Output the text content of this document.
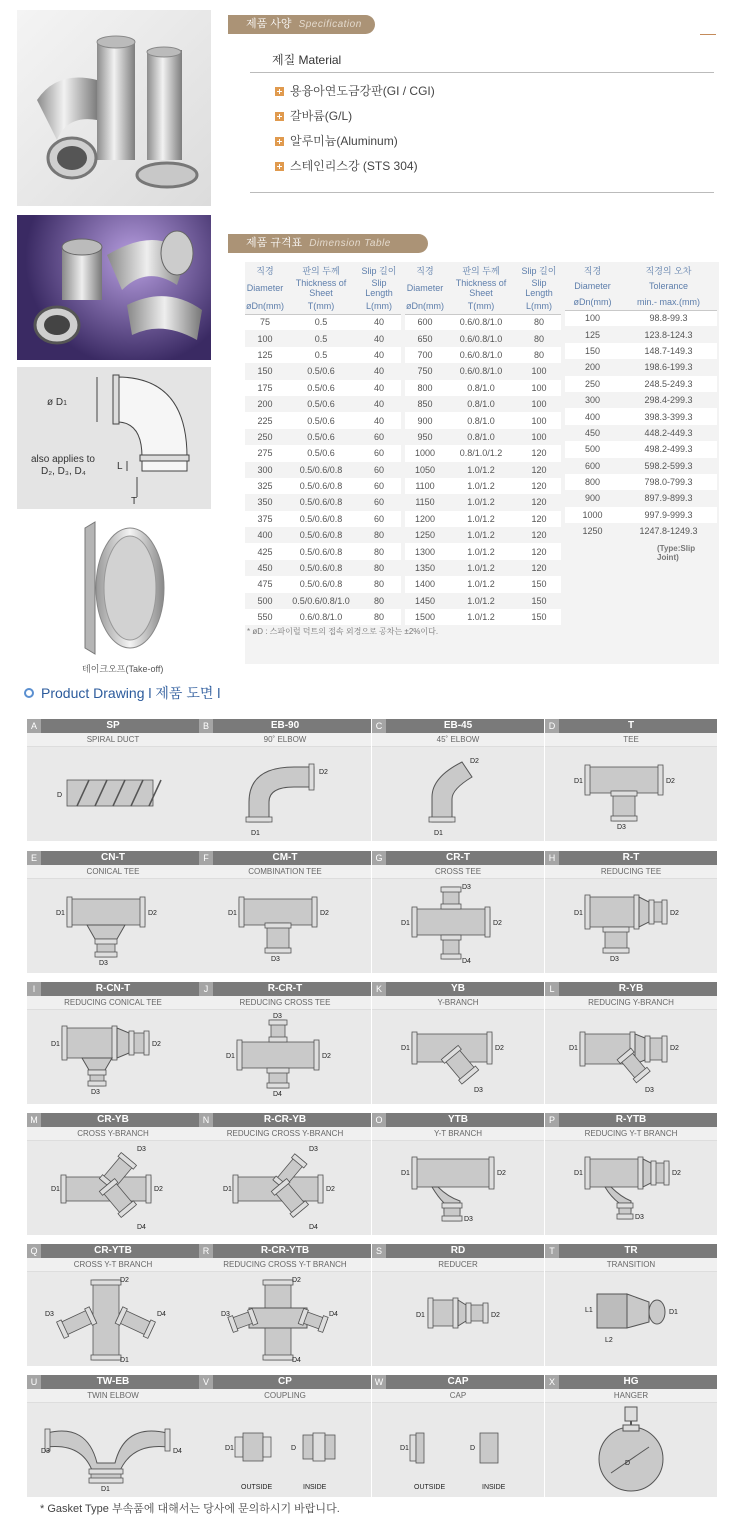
ø D1
also applies to
D₂, D₃, D₄	L
T
테이크오프(Take-off)
제품 사양 Specification
제질 Material
용융아연도금강판(GI / CGI)
갈바륨(G/L)
알루미늄(Aluminum)
스테인리스강 (STS 304)
제품 규격표 Dimension Table
직경	판의 두께	Slip 길이
Diameter	Thickness of Sheet	Slip Length
øDn(mm)	T(mm)	L(mm)
75	0.5	40
100	0.5	40
125	0.5	40
150	0.5/0.6	40
175	0.5/0.6	40
200	0.5/0.6	40
225	0.5/0.6	40
250	0.5/0.6	60
275	0.5/0.6	60
300	0.5/0.6/0.8	60
325	0.5/0.6/0.8	60
350	0.5/0.6/0.8	60
375	0.5/0.6/0.8	60
400	0.5/0.6/0.8	80
425	0.5/0.6/0.8	80
450	0.5/0.6/0.8	80
475	0.5/0.6/0.8	80
500	0.5/0.6/0.8/1.0	80
550	0.6/0.8/1.0	80
직경	판의 두께	Slip 길이
Diameter	Thickness of Sheet	Slip Length
øDn(mm)	T(mm)	L(mm)
600	0.6/0.8/1.0	80
650	0.6/0.8/1.0	80
700	0.6/0.8/1.0	80
750	0.6/0.8/1.0	100
800	0.8/1.0	100
850	0.8/1.0	100
900	0.8/1.0	100
950	0.8/1.0	100
1000	0.8/1.0/1.2	120
1050	1.0/1.2	120
1100	1.0/1.2	120
1150	1.0/1.2	120
1200	1.0/1.2	120
1250	1.0/1.2	120
1300	1.0/1.2	120
1350	1.0/1.2	120
1400	1.0/1.2	150
1450	1.0/1.2	150
1500	1.0/1.2	150
직경	직경의 오차
Diameter	Tolerance
øDn(mm)	min.- max.(mm)
100	98.8-99.3
125	123.8-124.3
150	148.7-149.3
200	198.6-199.3
250	248.5-249.3
300	298.4-299.3
400	398.3-399.3
450	448.2-449.3
500	498.2-499.3
600	598.2-599.3
800	798.0-799.3
900	897.9-899.3
1000	997.9-999.3
1250	1247.8-1249.3
(Type:Slip Joint)
* øD : 스파이럴 덕트의 접속 외경으로 공차는 ±2%이다.
Product Drawing l 제품 도면 l
A	SP
SPIRAL DUCT
D
B	EB-90
90˚ ELBOW
D1
D2
C	EB-45
45˚ ELBOW
D1
D2
D	T
TEE
D1	D2
D3
E	CN-T
CONICAL TEE
D1	D2
D3
F	CM-T
COMBINATION TEE
D1	D2
D3
G	CR-T
CROSS TEE
D1	D2
D3
D4
H	R-T
REDUCING TEE
D1	D2
D3
I	R-CN-T
REDUCING CONICAL TEE
D1	D2
D3
J	R-CR-T
REDUCING CROSS TEE
D1	D2
D3
D4
K	YB
Y-BRANCH
D1	D2
D3
L	R-YB
REDUCING Y-BRANCH
D1	D2
D3
M	CR-YB
CROSS Y-BRANCH
D1	D2
D3
D4
N	R-CR-YB
REDUCING CROSS Y-BRANCH
D1	D2
D3
D4
O	YTB
Y-T BRANCH
D1	D2
D3
P	R-YTB
REDUCING Y-T BRANCH
D1	D2
D3
Q	CR-YTB
CROSS Y-T BRANCH
D2
D1
D3	D4
R	R-CR-YTB
REDUCING CROSS Y-T BRANCH
D2
D4
D3	D4
S	RD
REDUCER
D1	D2
T	TR
TRANSITION
L1
L2
D1
U	TW-EB
TWIN ELBOW
D3	D4
D1
V	CP
COUPLING
D1	D
OUTSIDE	INSIDE
W	CAP
CAP
D1	D
OUTSIDE	INSIDE
X	HG
HANGER
D
* Gasket Type 부속품에 대해서는 당사에 문의하시기 바랍니다.
